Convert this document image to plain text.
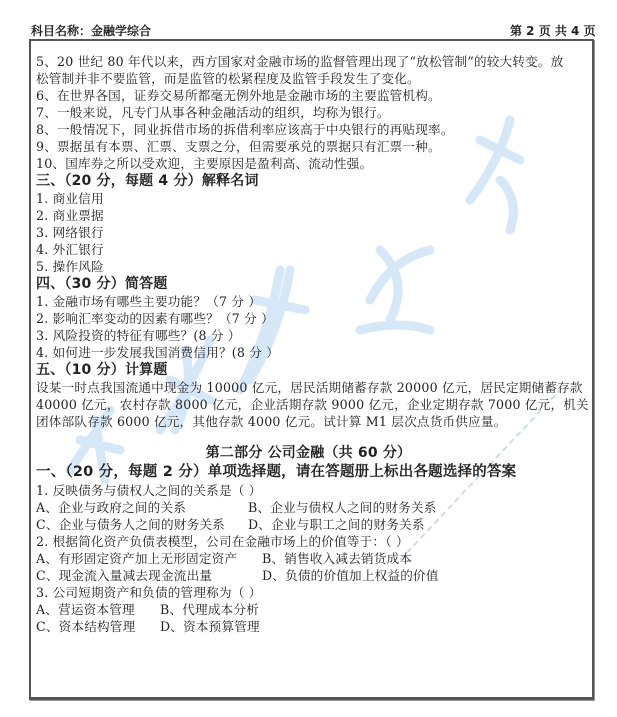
科目名称：金融学综合	第 2 页 共 4 页
5、20 世纪 80 年代以来，西方国家对金融市场的监督管理出现了“放松管制”的较大转变。放
松管制并非不要监管，而是监管的松紧程度及监管手段发生了变化。
6、在世界各国，证券交易所都毫无例外地是金融市场的主要监管机构。
7、一般来说，凡专门从事各种金融活动的组织，均称为银行。
8、一般情况下，同业拆借市场的拆借利率应该高于中央银行的再贴现率。
9、票据虽有本票、汇票、支票之分，但需要承兑的票据只有汇票一种。
10、国库券之所以受欢迎，主要原因是盈利高、流动性强。
三、（20 分，每题 4 分）解释名词
1. 商业信用
2. 商业票据
3. 网络银行
4. 外汇银行
5. 操作风险
四、（30 分）简答题
1. 金融市场有哪些主要功能？（7 分 ）
2. 影响汇率变动的因素有哪些？（7 分 ）
3. 风险投资的特征有哪些？(8 分 ）
4. 如何进一步发展我国消费信用？(8 分 ）
五、（10 分）计算题
设某一时点我国流通中现金为 10000 亿元，居民活期储蓄存款 20000 亿元，居民定期储蓄存款
40000 亿元，农村存款 8000 亿元，企业活期存款 9000 亿元，企业定期存款 7000 亿元，机关
团体部队存款 6000 亿元，其他存款 4000 亿元。试计算 M1 层次点货币供应量。
第二部分 公司金融（共 60 分）
一、（20 分，每题 2 分）单项选择题，请在答题册上标出各题选择的答案
1. 反映债务与债权人之间的关系是（ ）
A、企业与政府之间的关系	B、企业与债权人之间的财务关系
C、企业与债务人之间的财务关系 D、企业与职工之间的财务关系
2. 根据简化资产负债表模型，公司在金融市场上的价值等于：（ ）
A、有形固定资产加上无形固定资产 B、销售收入减去销货成本
C、现金流入量减去现金流出量	D、负债的价值加上权益的价值
3. 公司短期资产和负债的管理称为（ ）
A、营运资本管理 B、代理成本分析
C、资本结构管理 D、资本预算管理
